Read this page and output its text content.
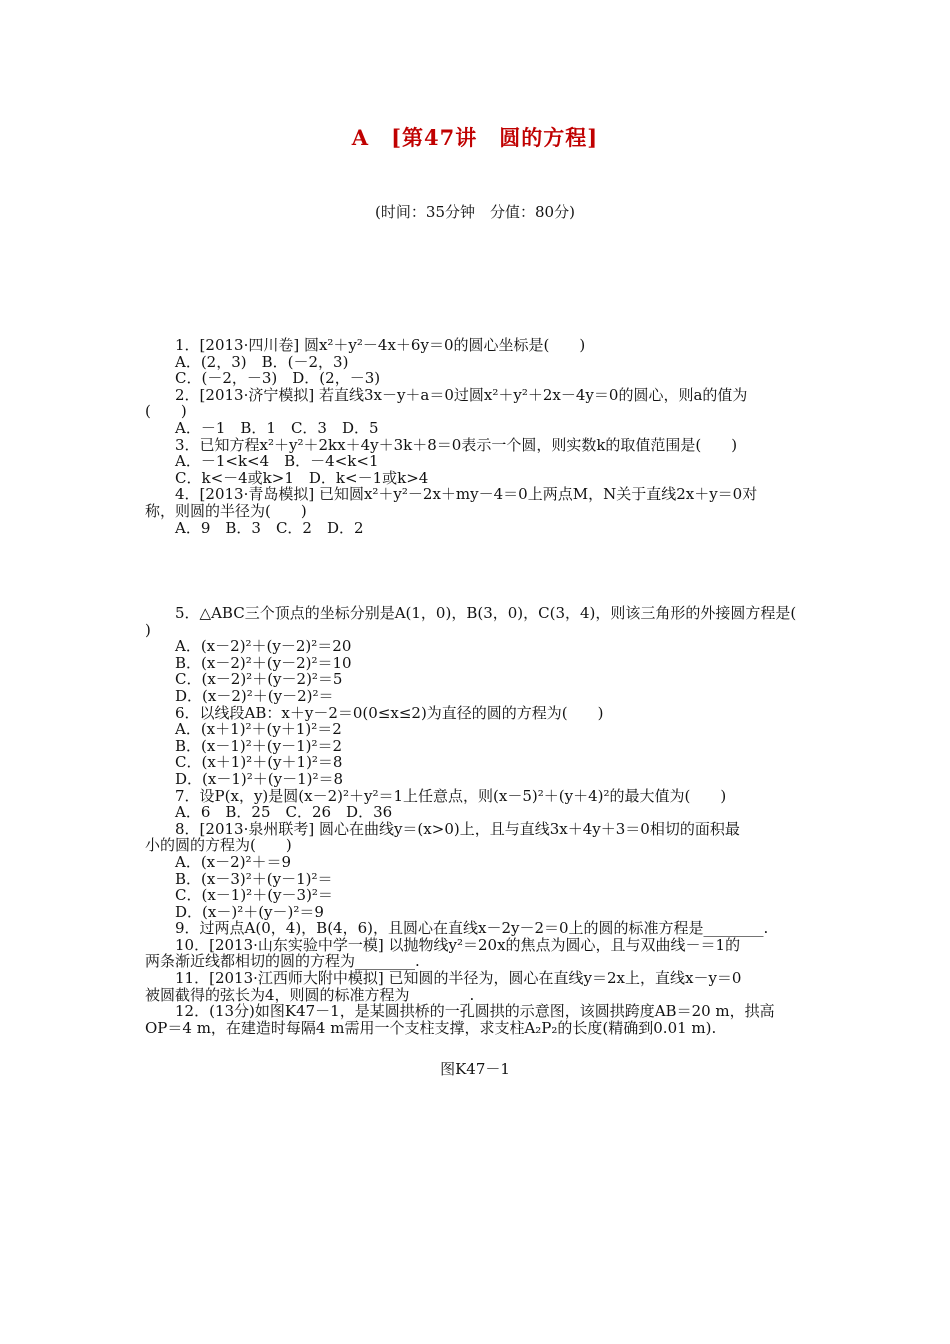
A　[第47讲　圆的方程]
(时间：35分钟　分值：80分)
1．[2013·四川卷] 圆x²＋y²－4x＋6y＝0的圆心坐标是(　　)
A．(2，3)　B．(－2，3)
C．(－2，－3)　D．(2，－3)
2．[2013·济宁模拟] 若直线3x－y＋a＝0过圆x²＋y²＋2x－4y＝0的圆心，则a的值为
(　　)
A．－1　B．1　C．3　D．5
3．已知方程x²＋y²＋2kx＋4y＋3k＋8＝0表示一个圆，则实数k的取值范围是(　　)
A．－1<k<4　B．－4<k<1
C．k<－4或k>1　D．k<－1或k>4
4．[2013·青岛模拟] 已知圆x²＋y²－2x＋my－4＝0上两点M，N关于直线2x＋y＝0对
称，则圆的半径为(　　)
A．9　B．3　C．2　D．2
5．△ABC三个顶点的坐标分别是A(1，0)，B(3，0)，C(3，4)，则该三角形的外接圆方程是(
)
A．(x－2)²＋(y－2)²＝20
B．(x－2)²＋(y－2)²＝10
C．(x－2)²＋(y－2)²＝5
D．(x－2)²＋(y－2)²＝
6．以线段AB：x＋y－2＝0(0≤x≤2)为直径的圆的方程为(　　)
A．(x＋1)²＋(y＋1)²＝2
B．(x－1)²＋(y－1)²＝2
C．(x＋1)²＋(y＋1)²＝8
D．(x－1)²＋(y－1)²＝8
7．设P(x，y)是圆(x－2)²＋y²＝1上任意点，则(x－5)²＋(y＋4)²的最大值为(　　)
A．6　B．25　C．26　D．36
8．[2013·泉州联考] 圆心在曲线y＝(x>0)上，且与直线3x＋4y＋3＝0相切的面积最
小的圆的方程为(　　)
A．(x－2)²＋＝9
B．(x－3)²＋(y－1)²＝
C．(x－1)²＋(y－3)²＝
D．(x－)²＋(y－)²＝9
9．过两点A(0，4)，B(4，6)，且圆心在直线x－2y－2＝0上的圆的标准方程是________.
10．[2013·山东实验中学一模] 以抛物线y²＝20x的焦点为圆心，且与双曲线－＝1的
两条渐近线都相切的圆的方程为________.
11．[2013·江西师大附中模拟] 已知圆的半径为，圆心在直线y＝2x上，直线x－y＝0
被圆截得的弦长为4，则圆的标准方程为________.
12．(13分)如图K47－1，是某圆拱桥的一孔圆拱的示意图，该圆拱跨度AB＝20 m，拱高
OP＝4 m，在建造时每隔4 m需用一个支柱支撑，求支柱A₂P₂的长度(精确到0.01 m).
图K47－1
